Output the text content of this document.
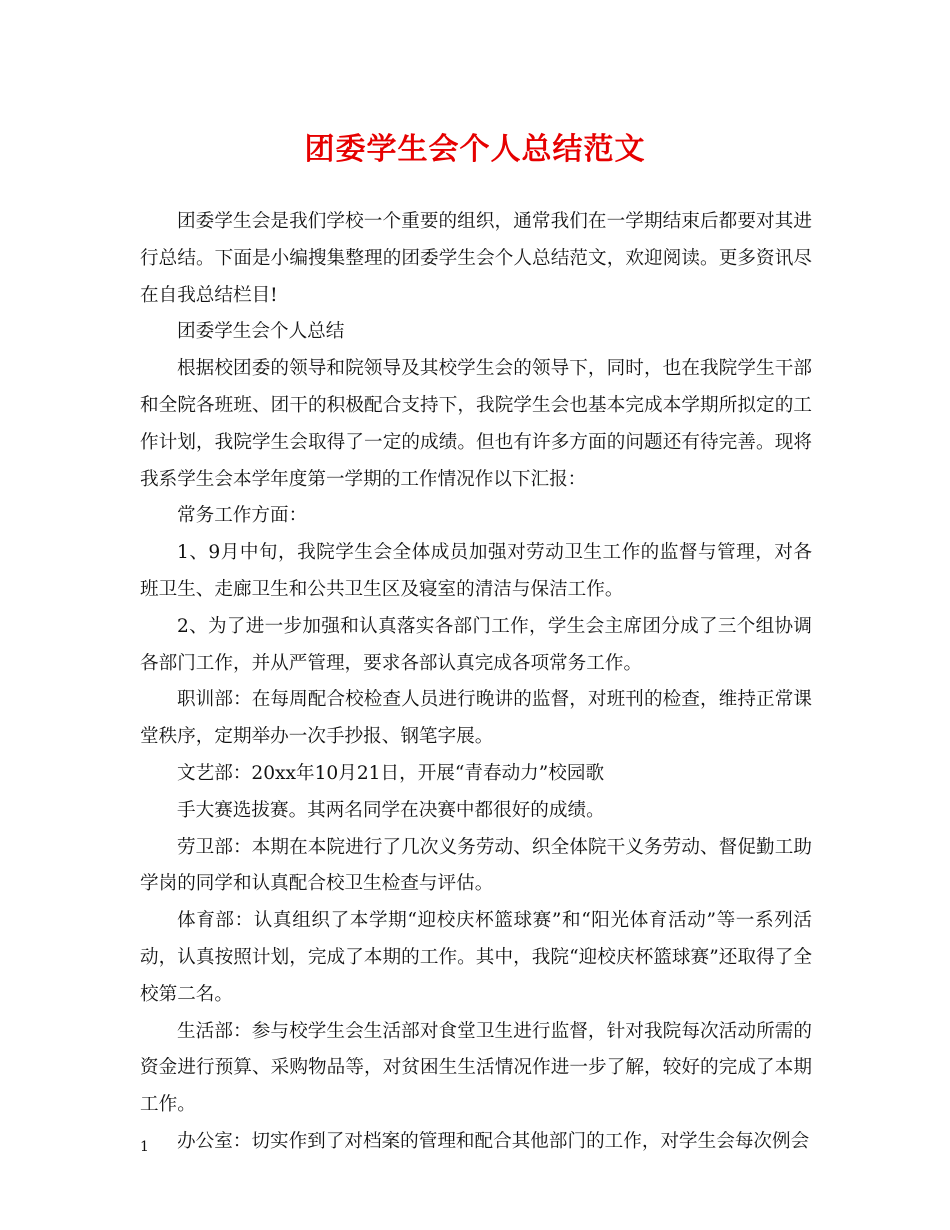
团委学生会个人总结范文

团委学生会是我们学校一个重要的组织，通常我们在一学期结束后都要对其进行总结。下面是小编搜集整理的团委学生会个人总结范文，欢迎阅读。更多资讯尽在自我总结栏目!

团委学生会个人总结

根据校团委的领导和院领导及其校学生会的领导下，同时，也在我院学生干部和全院各班班、团干的积极配合支持下，我院学生会也基本完成本学期所拟定的工作计划，我院学生会取得了一定的成绩。但也有许多方面的问题还有待完善。现将我系学生会本学年度第一学期的工作情况作以下汇报：

常务工作方面：

1、9月中旬，我院学生会全体成员加强对劳动卫生工作的监督与管理，对各班卫生、走廊卫生和公共卫生区及寝室的清洁与保洁工作。

2、为了进一步加强和认真落实各部门工作，学生会主席团分成了三个组协调各部门工作，并从严管理，要求各部认真完成各项常务工作。

职训部：在每周配合校检查人员进行晚讲的监督，对班刊的检查，维持正常课堂秩序，定期举办一次手抄报、钢笔字展。

文艺部：20xx年10月21日，开展“青春动力”校园歌

手大赛选拔赛。其两名同学在决赛中都很好的成绩。

劳卫部：本期在本院进行了几次义务劳动、织全体院干义务劳动、督促勤工助学岗的同学和认真配合校卫生检查与评估。

体育部：认真组织了本学期“迎校庆杯篮球赛”和“阳光体育活动”等一系列活动，认真按照计划，完成了本期的工作。其中，我院“迎校庆杯篮球赛”还取得了全校第二名。

生活部：参与校学生会生活部对食堂卫生进行监督，针对我院每次活动所需的资金进行预算、采购物品等，对贫困生生活情况作进一步了解，较好的完成了本期工作。

办公室：切实作到了对档案的管理和配合其他部门的工作，对学生会每次例会

1
